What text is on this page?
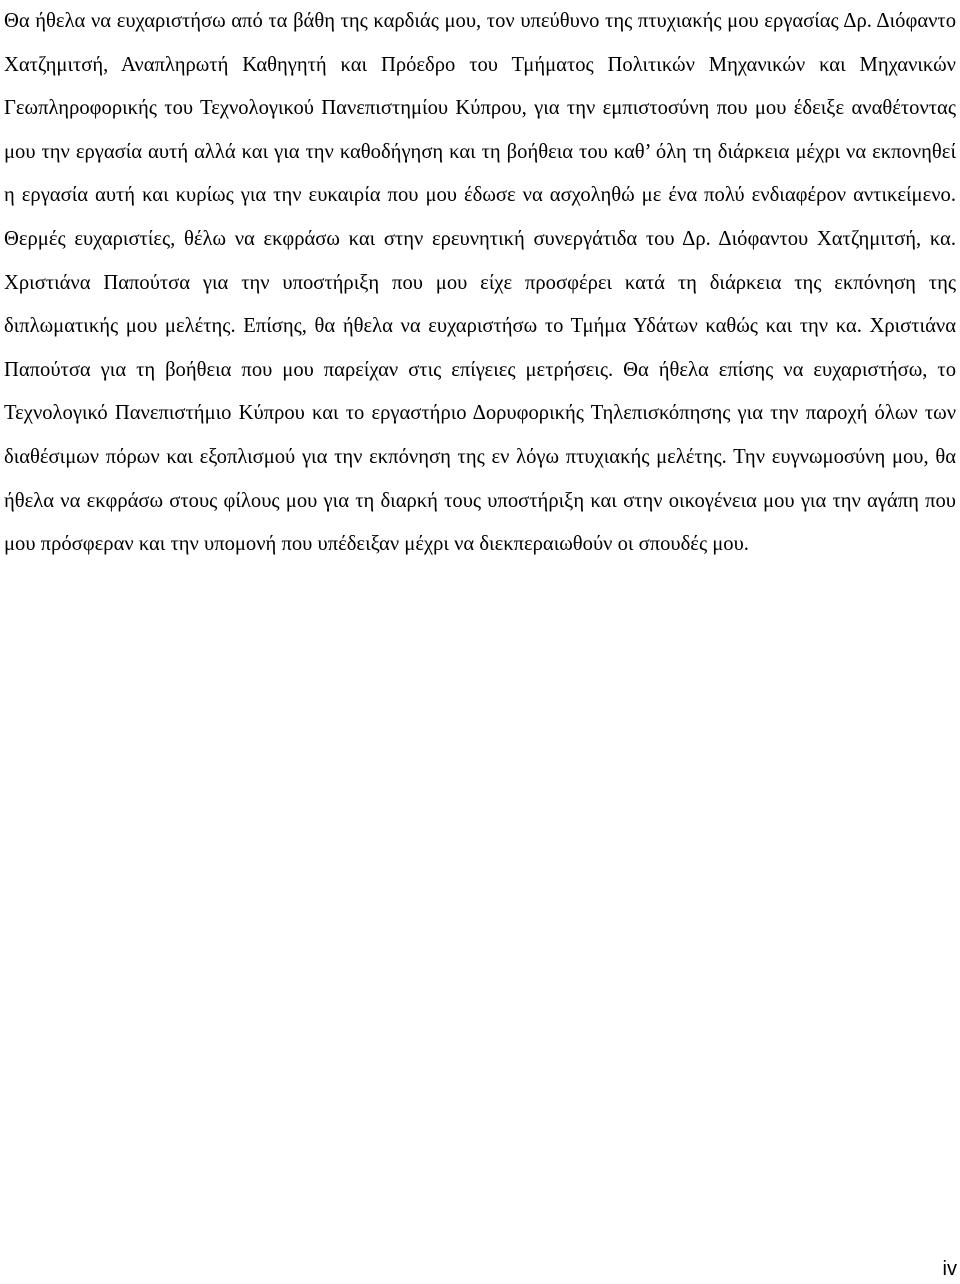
Θα ήθελα να ευχαριστήσω από τα βάθη της καρδιάς μου, τον υπεύθυνο της πτυχιακής μου εργασίας Δρ. Διόφαντο Χατζημιτσή, Αναπληρωτή Καθηγητή και Πρόεδρο του Τμήματος Πολιτικών Μηχανικών και Μηχανικών Γεωπληροφορικής του Τεχνολογικού Πανεπιστημίου Κύπρου, για την εμπιστοσύνη που μου έδειξε αναθέτοντας μου την εργασία αυτή αλλά και για την καθοδήγηση και τη βοήθεια του καθ’ όλη τη διάρκεια μέχρι να εκπονηθεί η εργασία αυτή και κυρίως για την ευκαιρία που μου έδωσε να ασχοληθώ με ένα πολύ ενδιαφέρον αντικείμενο. Θερμές ευχαριστίες, θέλω να εκφράσω και στην ερευνητική συνεργάτιδα του Δρ. Διόφαντου Χατζημιτσή, κα. Χριστιάνα Παπούτσα για την υποστήριξη που μου είχε προσφέρει κατά τη διάρκεια της εκπόνηση της διπλωματικής μου μελέτης. Επίσης, θα ήθελα να ευχαριστήσω το Τμήμα Υδάτων καθώς και την κα. Χριστιάνα Παπούτσα για τη βοήθεια που μου παρείχαν στις επίγειες μετρήσεις. Θα ήθελα επίσης να ευχαριστήσω, το Τεχνολογικό Πανεπιστήμιο Κύπρου και το εργαστήριο Δορυφορικής Τηλεπισκόπησης για την παροχή όλων των διαθέσιμων πόρων και εξοπλισμού για την εκπόνηση της εν λόγω πτυχιακής μελέτης. Την ευγνωμοσύνη μου, θα ήθελα να εκφράσω στους φίλους μου για τη διαρκή τους υποστήριξη και στην οικογένεια μου για την αγάπη που μου πρόσφεραν και την υπομονή που υπέδειξαν μέχρι να διεκπεραιωθούν οι σπουδές μου.

iv
